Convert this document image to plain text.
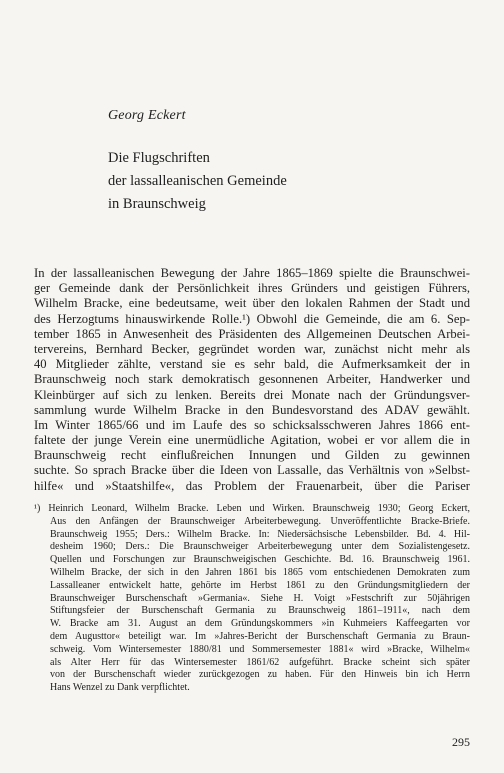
Georg Eckert
Die Flugschriften
der lassalleanischen Gemeinde
in Braunschweig
In der lassalleanischen Bewegung der Jahre 1865–1869 spielte die Braunschwei-
ger Gemeinde dank der Persönlichkeit ihres Gründers und geistigen Führers,
Wilhelm Bracke, eine bedeutsame, weit über den lokalen Rahmen der Stadt und
des Herzogtums hinauswirkende Rolle.¹) Obwohl die Gemeinde, die am 6. Sep-
tember 1865 in Anwesenheit des Präsidenten des Allgemeinen Deutschen Arbei-
tervereins, Bernhard Becker, gegründet worden war, zunächst nicht mehr als
40 Mitglieder zählte, verstand sie es sehr bald, die Aufmerksamkeit der in
Braunschweig noch stark demokratisch gesonnenen Arbeiter, Handwerker und
Kleinbürger auf sich zu lenken. Bereits drei Monate nach der Gründungsver-
sammlung wurde Wilhelm Bracke in den Bundesvorstand des ADAV gewählt.
Im Winter 1865/66 und im Laufe des so schicksalsschweren Jahres 1866 ent-
faltete der junge Verein eine unermüdliche Agitation, wobei er vor allem die in
Braunschweig recht einflußreichen Innungen und Gilden zu gewinnen
suchte. So sprach Bracke über die Ideen von Lassalle, das Verhältnis von »Selbst-
hilfe« und »Staatshilfe«, das Problem der Frauenarbeit, über die Pariser
¹) Heinrich Leonard, Wilhelm Bracke. Leben und Wirken. Braunschweig 1930; Georg Eckert,
Aus den Anfängen der Braunschweiger Arbeiterbewegung. Unveröffentlichte Bracke-Briefe.
Braunschweig 1955; Ders.: Wilhelm Bracke. In: Niedersächsische Lebensbilder. Bd. 4. Hil-
desheim 1960; Ders.: Die Braunschweiger Arbeiterbewegung unter dem Sozialistengesetz.
Quellen und Forschungen zur Braunschweigischen Geschichte. Bd. 16. Braunschweig 1961.
Wilhelm Bracke, der sich in den Jahren 1861 bis 1865 vom entschiedenen Demokraten zum
Lassalleaner entwickelt hatte, gehörte im Herbst 1861 zu den Gründungsmitgliedern der
Braunschweiger Burschenschaft »Germania«. Siehe H. Voigt »Festschrift zur 50jährigen
Stiftungsfeier der Burschenschaft Germania zu Braunschweig 1861–1911«, nach dem
W. Bracke am 31. August an dem Gründungskommers »in Kuhmeiers Kaffeegarten vor
dem Augusttor« beteiligt war. Im »Jahres-Bericht der Burschenschaft Germania zu Braun-
schweig. Vom Wintersemester 1880/81 und Sommersemester 1881« wird »Bracke, Wilhelm«
als Alter Herr für das Wintersemester 1861/62 aufgeführt. Bracke scheint sich später
von der Burschenschaft wieder zurückgezogen zu haben. Für den Hinweis bin ich Herrn
Hans Wenzel zu Dank verpflichtet.
295
